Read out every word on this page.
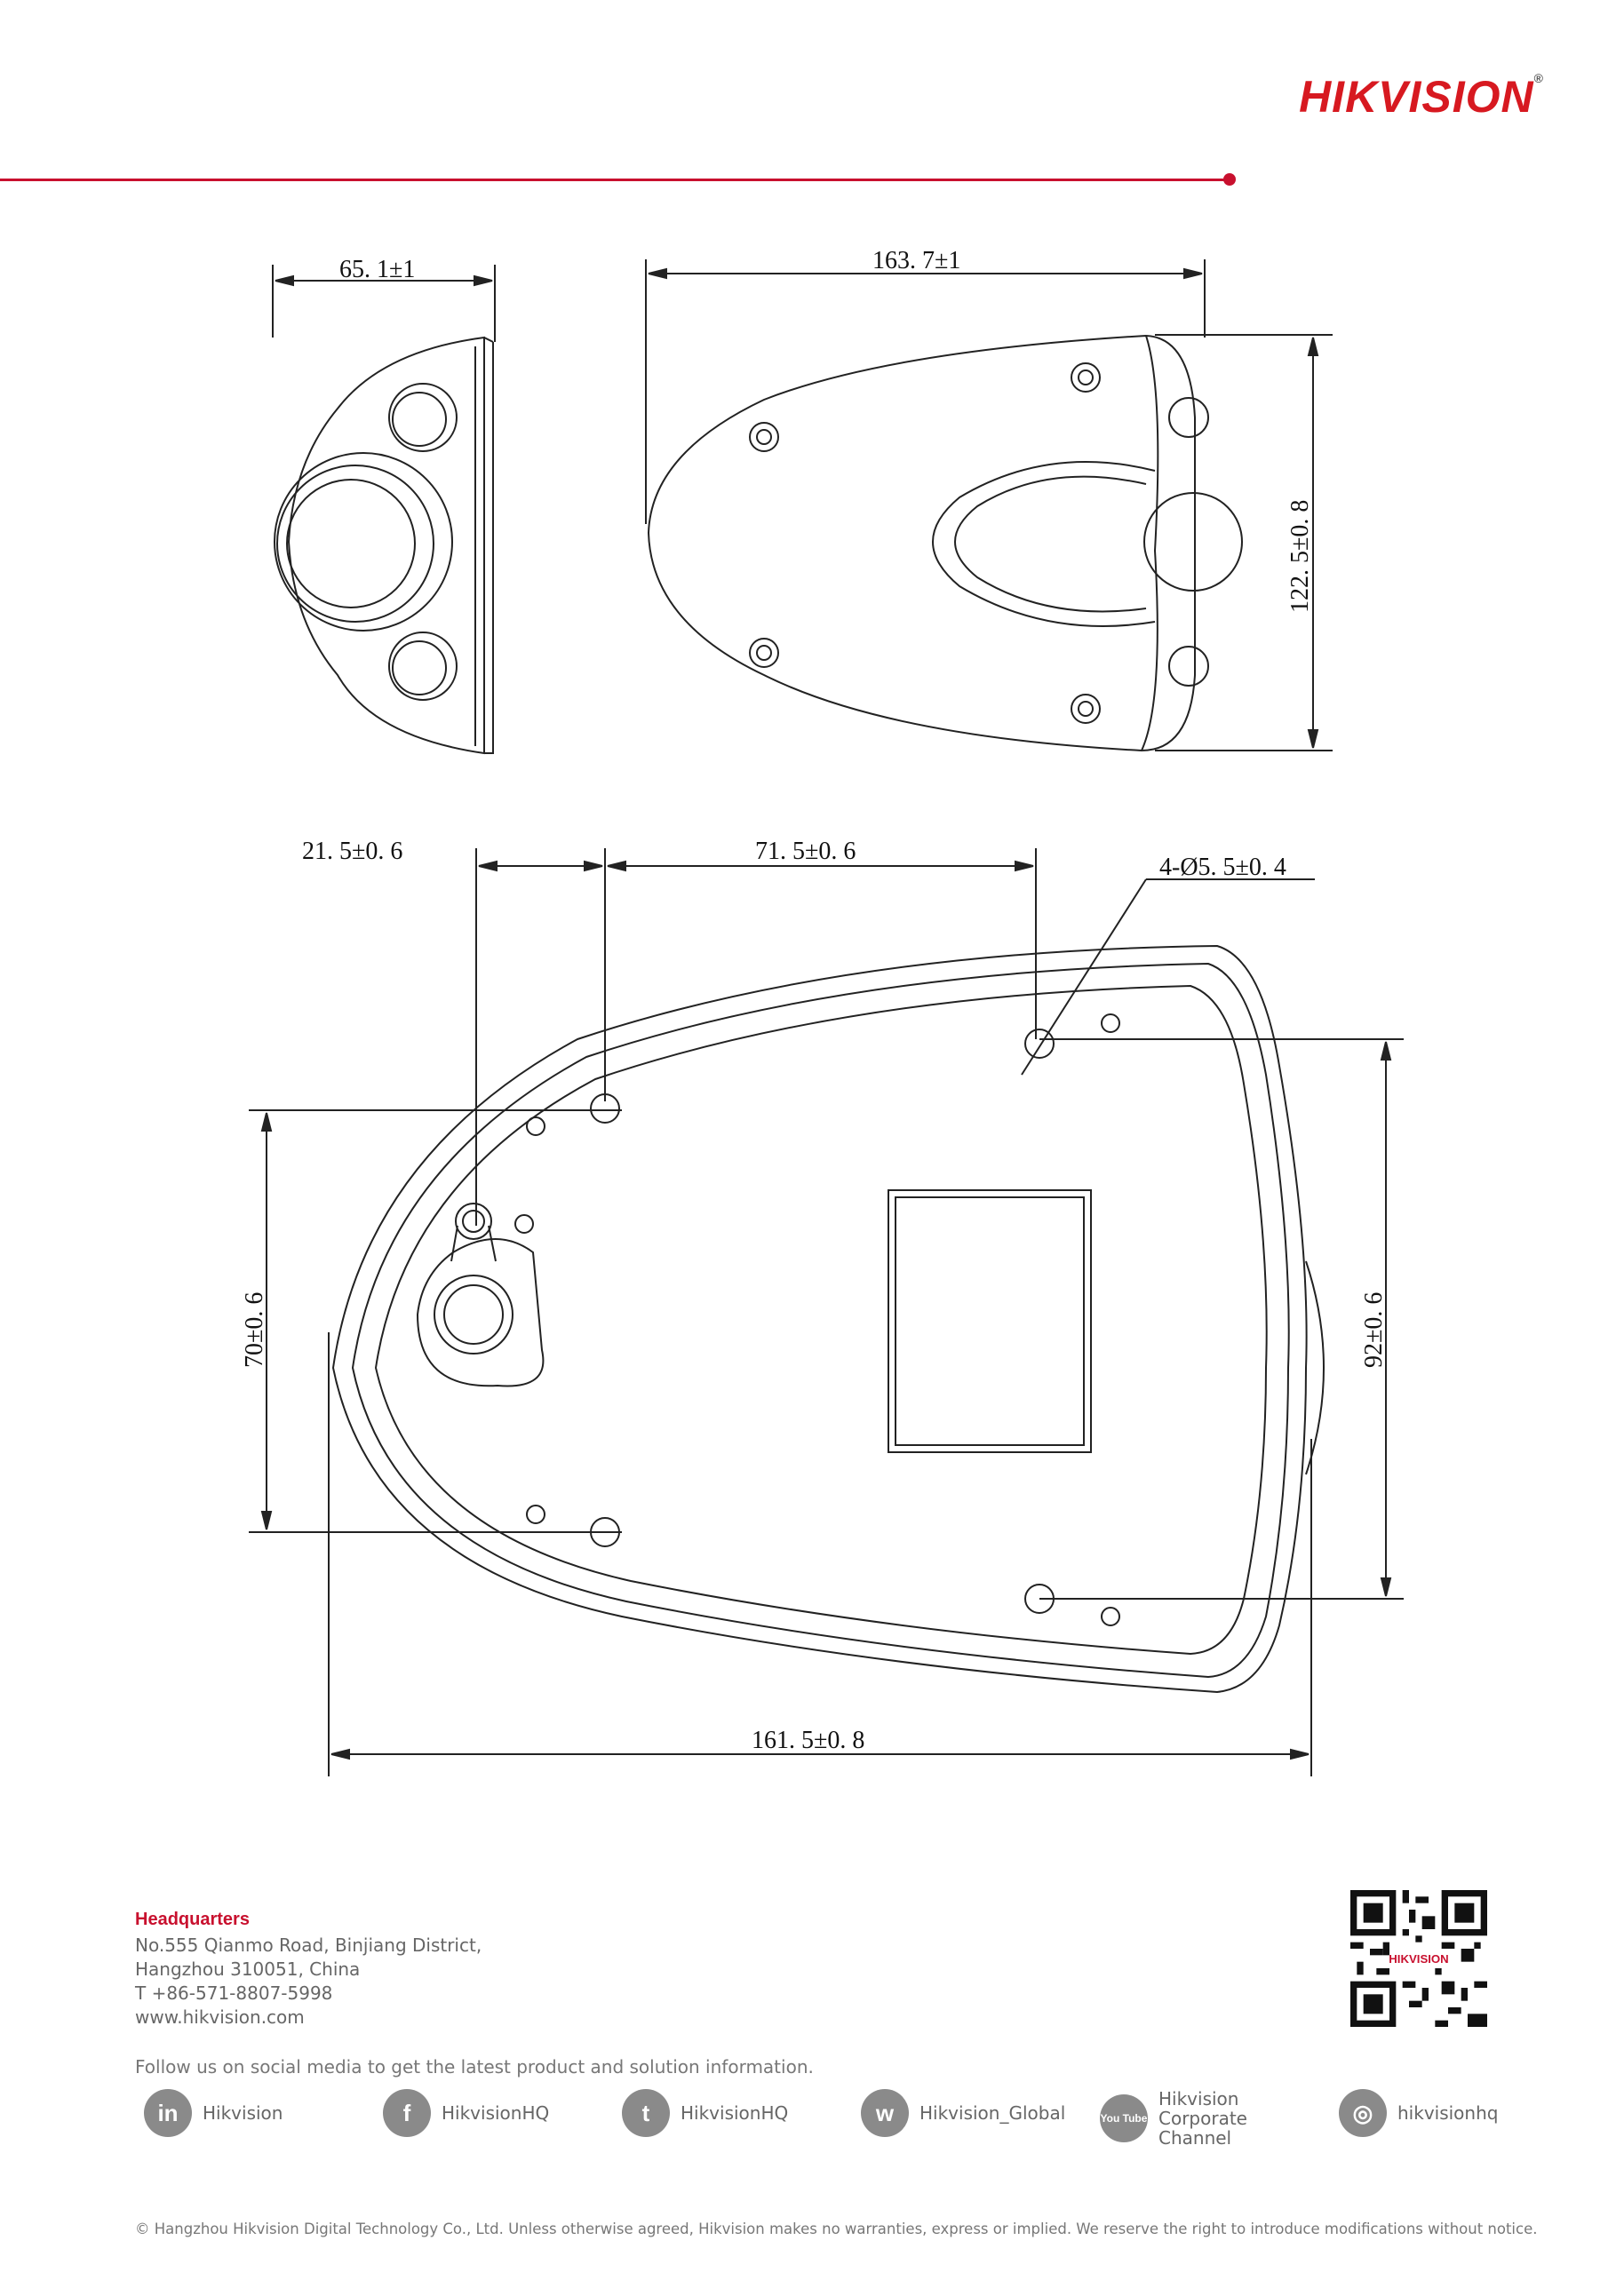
HIKVISION®
65. 1±1	163. 7±1
122. 5±0. 8
21. 5±0. 6	71. 5±0. 6
4-Ø5. 5±0. 4
70±0. 6	92±0. 6
161. 5±0. 8
Headquarters
No.555 Qianmo Road, Binjiang District,
Hangzhou 310051, China
T +86-571-8807-5998
www.hikvision.com
HIKVISION
Follow us on social media to get the latest product and solution information.
in	Hikvision	f	HikvisionHQ	t	HikvisionHQ	w	Hikvision_Global	You Tube
Hikvision Corporate Channel
◎	hikvisionhq
© Hangzhou Hikvision Digital Technology Co., Ltd. Unless otherwise agreed, Hikvision makes no warranties, express or implied. We reserve the right to introduce modifications without notice.
